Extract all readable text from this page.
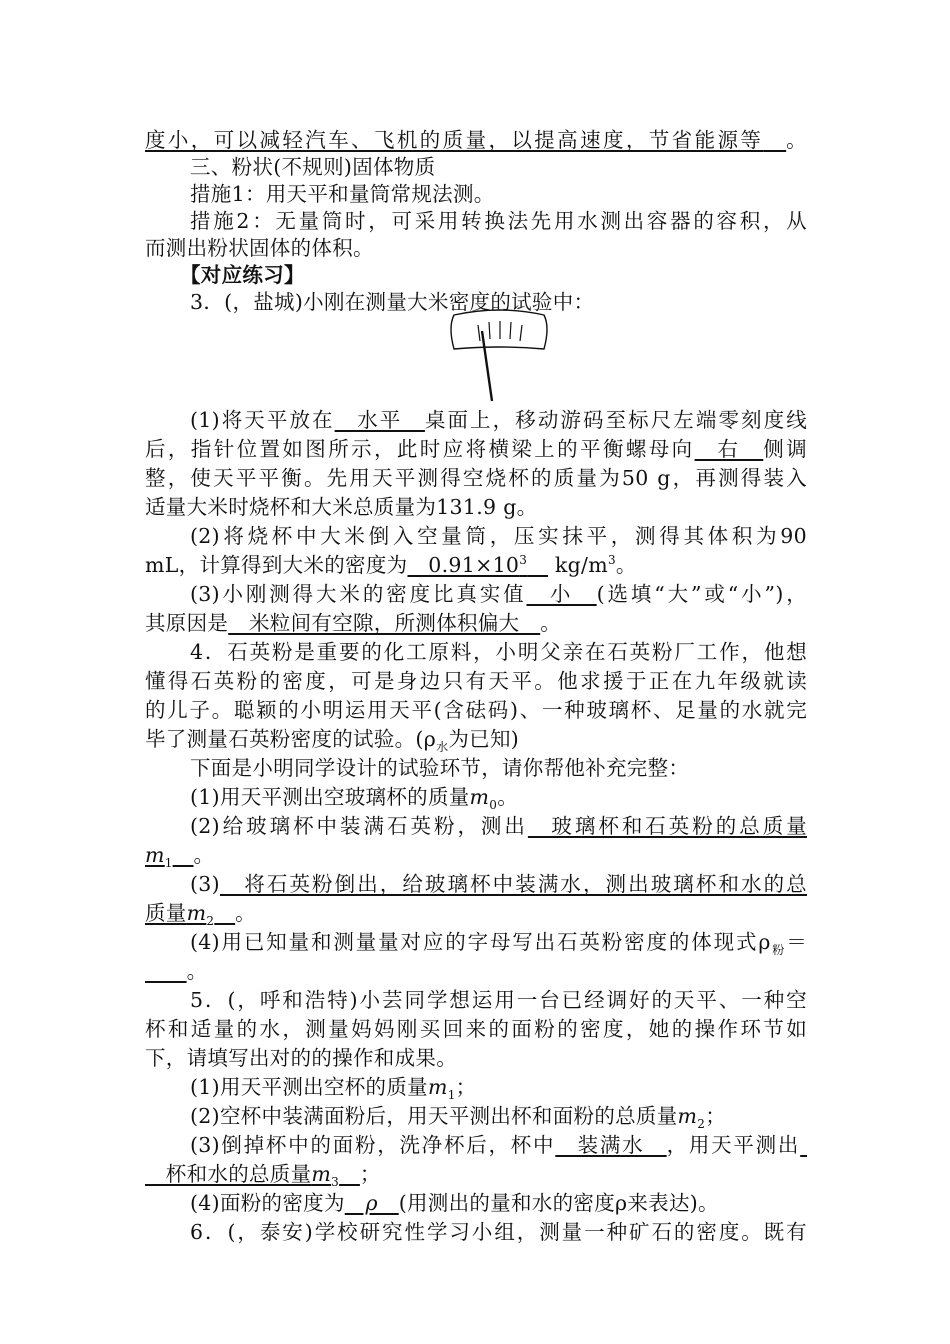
度小，可以减轻汽车、飞机的质量，以提高速度，节省能源等　 。
三、粉状(不规则)固体物质
措施1：用天平和量筒常规法测。
措施2：无量筒时，可采用转换法先用水测出容器的容积，从
而测出粉状固体的体积。
【对应练习】
3．(，盐城)小刚在测量大米密度的试验中：
(1)将天平放在　水平　桌面上，移动游码至标尺左端零刻度线
后，指针位置如图所示，此时应将横梁上的平衡螺母向　右　侧调
整，使天平平衡。先用天平测得空烧杯的质量为50 g，再测得装入
适量大米时烧杯和大米总质量为131.9 g。
(2)将烧杯中大米倒入空量筒，压实抹平，测得其体积为90
mL，计算得到大米的密度为　$0.91\times 10^3$　 $kg/m^3$。
(3)小刚测得大米的密度比真实值　小　(选填“大”或“小”)，
其原因是　米粒间有空隙，所测体积偏大　。
4．石英粉是重要的化工原料，小明父亲在石英粉厂工作，他想
懂得石英粉的密度，可是身边只有天平。他求援于正在九年级就读
的儿子。聪颖的小明运用天平(含砝码)、一种玻璃杯、足量的水就完
毕了测量石英粉密度的试验。($\rho_水$为已知)
下面是小明同学设计的试验环节，请你帮他补充完整：
(1)用天平测出空玻璃杯的质量$m_0$。
(2)给玻璃杯中装满石英粉，测出　玻璃杯和石英粉的总质量
$m_1$　 。
(3)　将石英粉倒出，给玻璃杯中装满水，测出玻璃杯和水的总
质量$m_2$　 。
(4)用已知量和测量量对应的字母写出石英粉密度的体现式$\rho_粉=$
　　。
5．(，呼和浩特)小芸同学想运用一台已经调好的天平、一种空
杯和适量的水，测量妈妈刚买回来的面粉的密度，她的操作环节如
下，请填写出对的的操作和成果。
(1)用天平测出空杯的质量$m_1$；
(2)空杯中装满面粉后，用天平测出杯和面粉的总质量$m_2$；
(3)倒掉杯中的面粉，洗净杯后，杯中　装满水　，用天平测出
　杯和水的总质量$m_3$　 ；
(4)面粉的密度为　ρ　(用测出的量和水的密度ρ来表达)。
6．(，泰安)学校研究性学习小组，测量一种矿石的密度。既有
